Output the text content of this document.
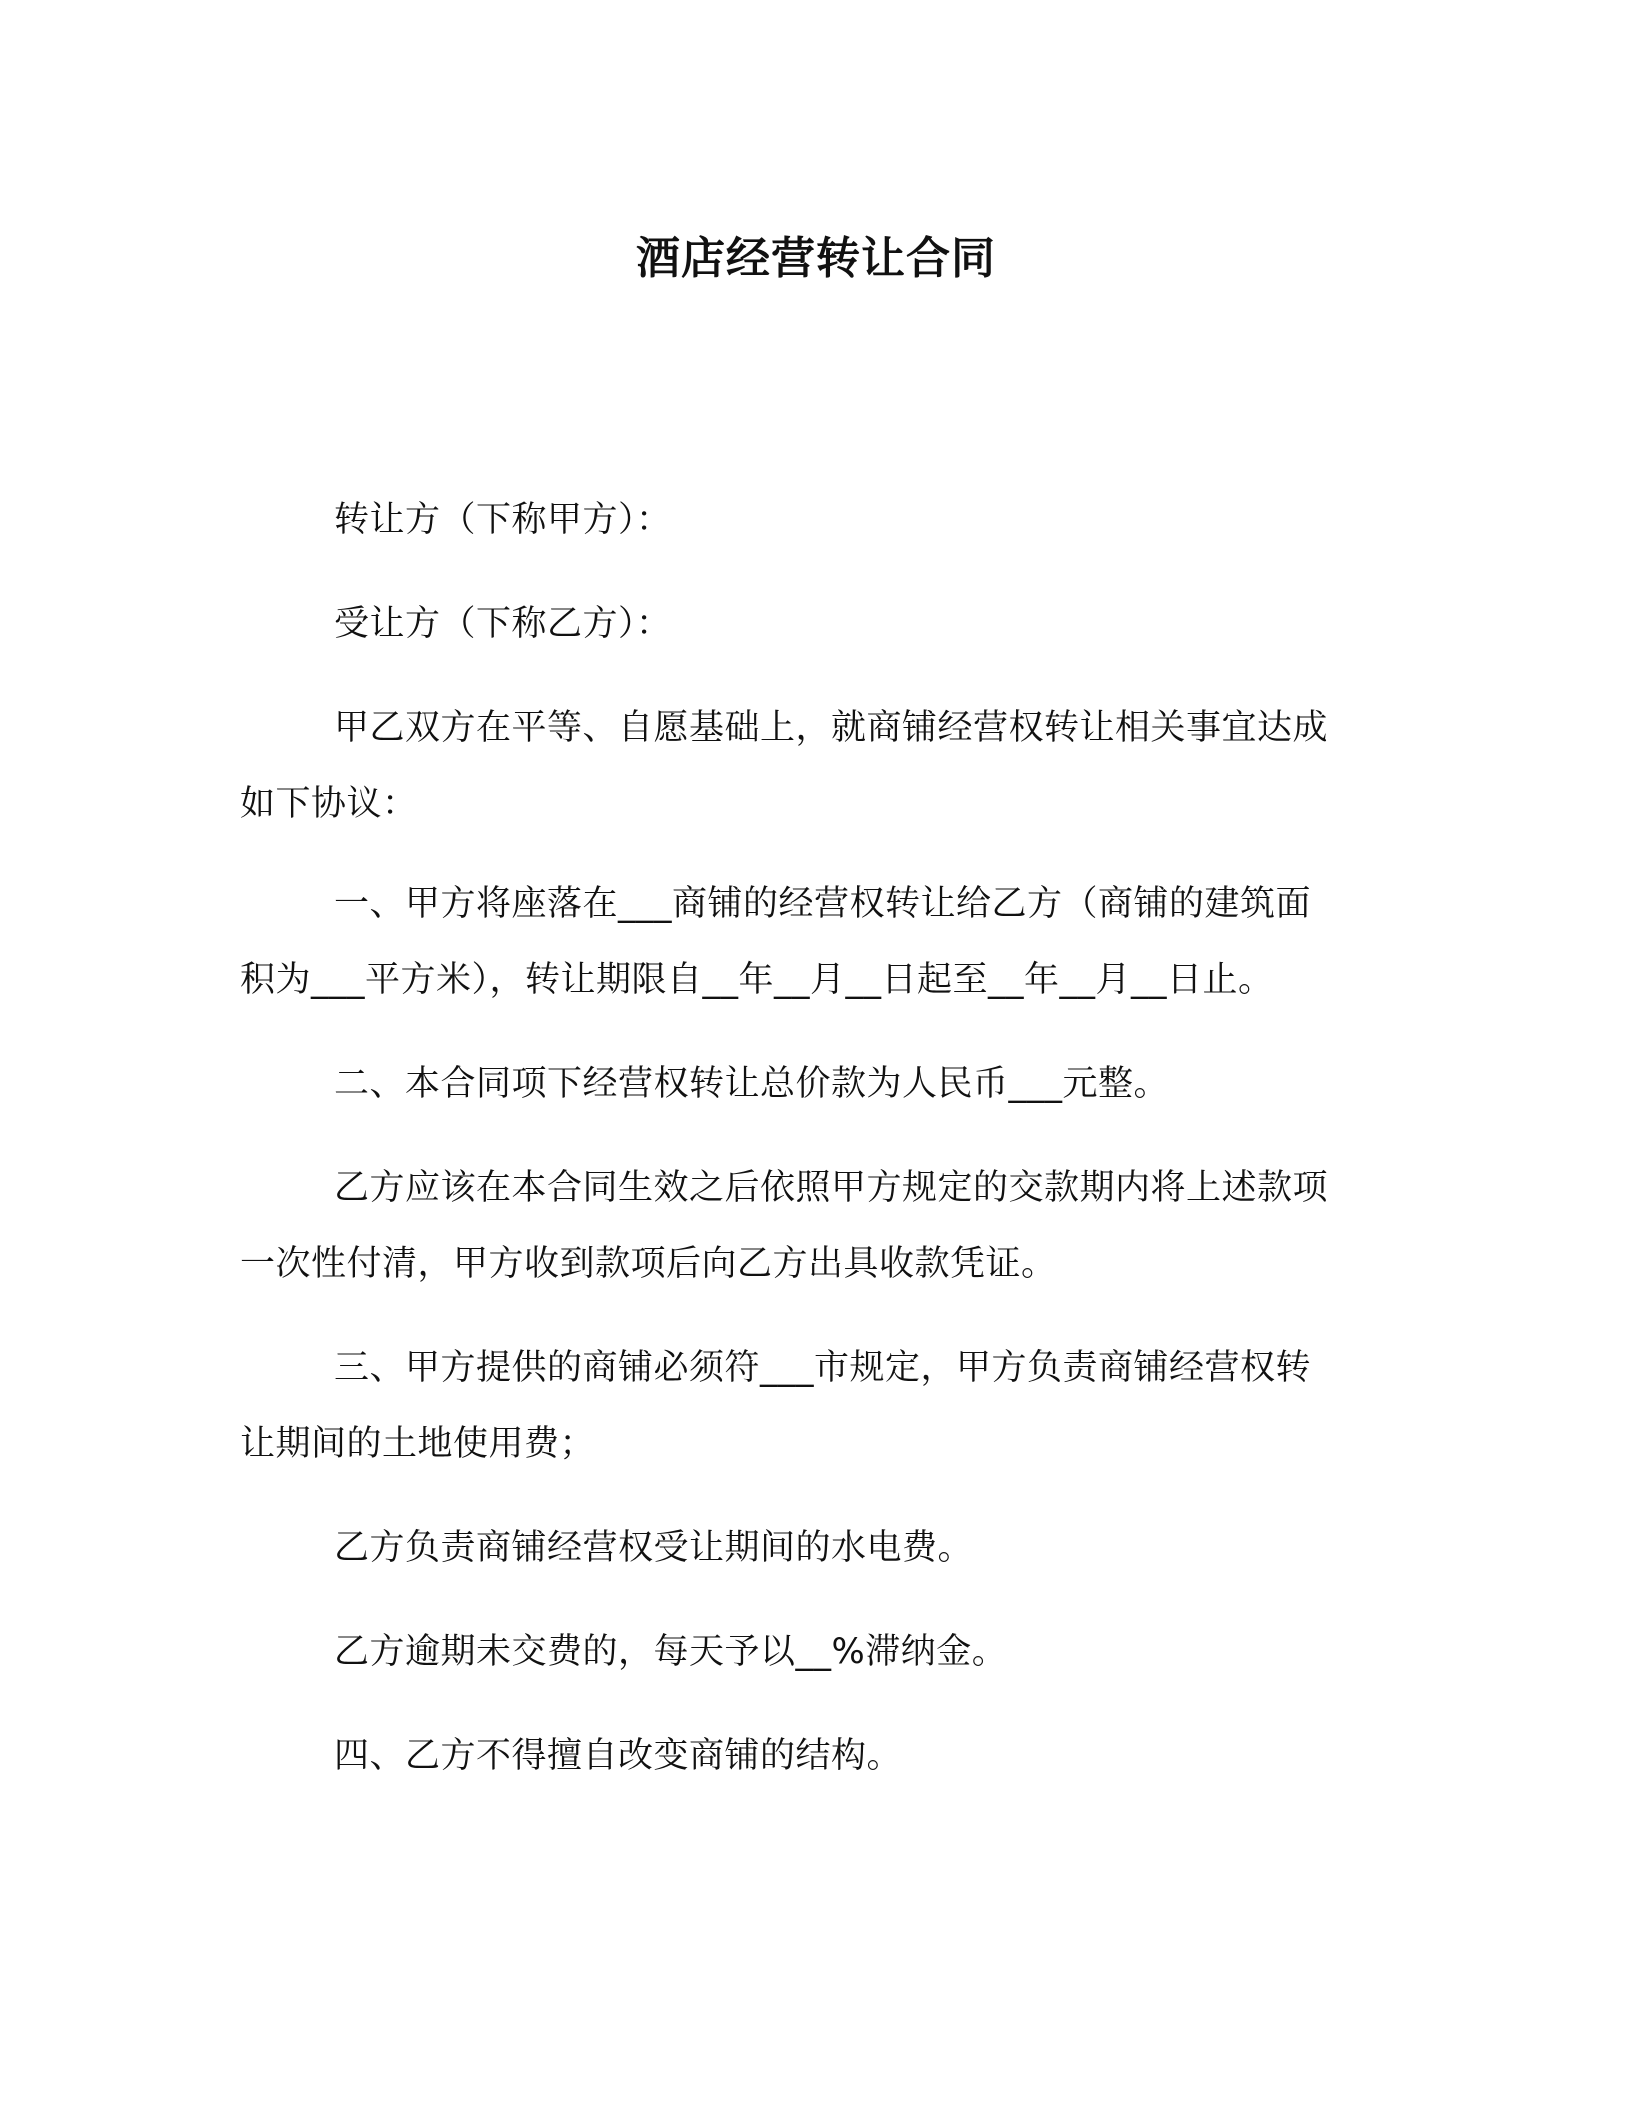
酒店经营转让合同
转让方（下称甲方）：
受让方（下称乙方）：
甲乙双方在平等、自愿基础上，就商铺经营权转让相关事宜达成
如下协议：
一、甲方将座落在___商铺的经营权转让给乙方（商铺的建筑面
积为___平方米），转让期限自__年__月__日起至__年__月__日止。
二、本合同项下经营权转让总价款为人民币___元整。
乙方应该在本合同生效之后依照甲方规定的交款期内将上述款项
一次性付清，甲方收到款项后向乙方出具收款凭证。
三、甲方提供的商铺必须符___市规定，甲方负责商铺经营权转
让期间的土地使用费；
乙方负责商铺经营权受让期间的水电费。
乙方逾期未交费的，每天予以__%滞纳金。
四、乙方不得擅自改变商铺的结构。
